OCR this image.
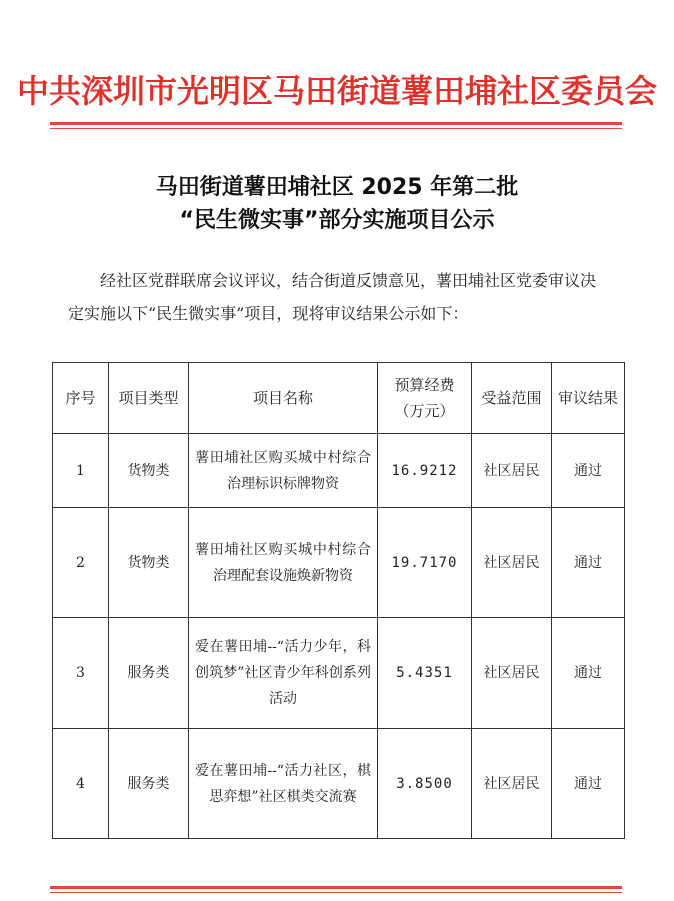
中共深圳市光明区马田街道薯田埔社区委员会
马田街道薯田埔社区 2025 年第二批
“民生微实事”部分实施项目公示
经社区党群联席会议评议，结合街道反馈意见，薯田埔社区党委审议决定实施以下“民生微实事”项目，现将审议结果公示如下：
序号	项目类型	项目名称	预算经费（万元）	受益范围	审议结果
1	货物类	薯田埔社区购买城中村综合治理标识标牌物资	16.9212	社区居民	通过
2	货物类	薯田埔社区购买城中村综合治理配套设施焕新物资	19.7170	社区居民	通过
3	服务类	爱在薯田埔--“活力少年，科创筑梦”社区青少年科创系列活动	5.4351	社区居民	通过
4	服务类	爱在薯田埔--“活力社区，棋思弈想”社区棋类交流赛	3.8500	社区居民	通过
